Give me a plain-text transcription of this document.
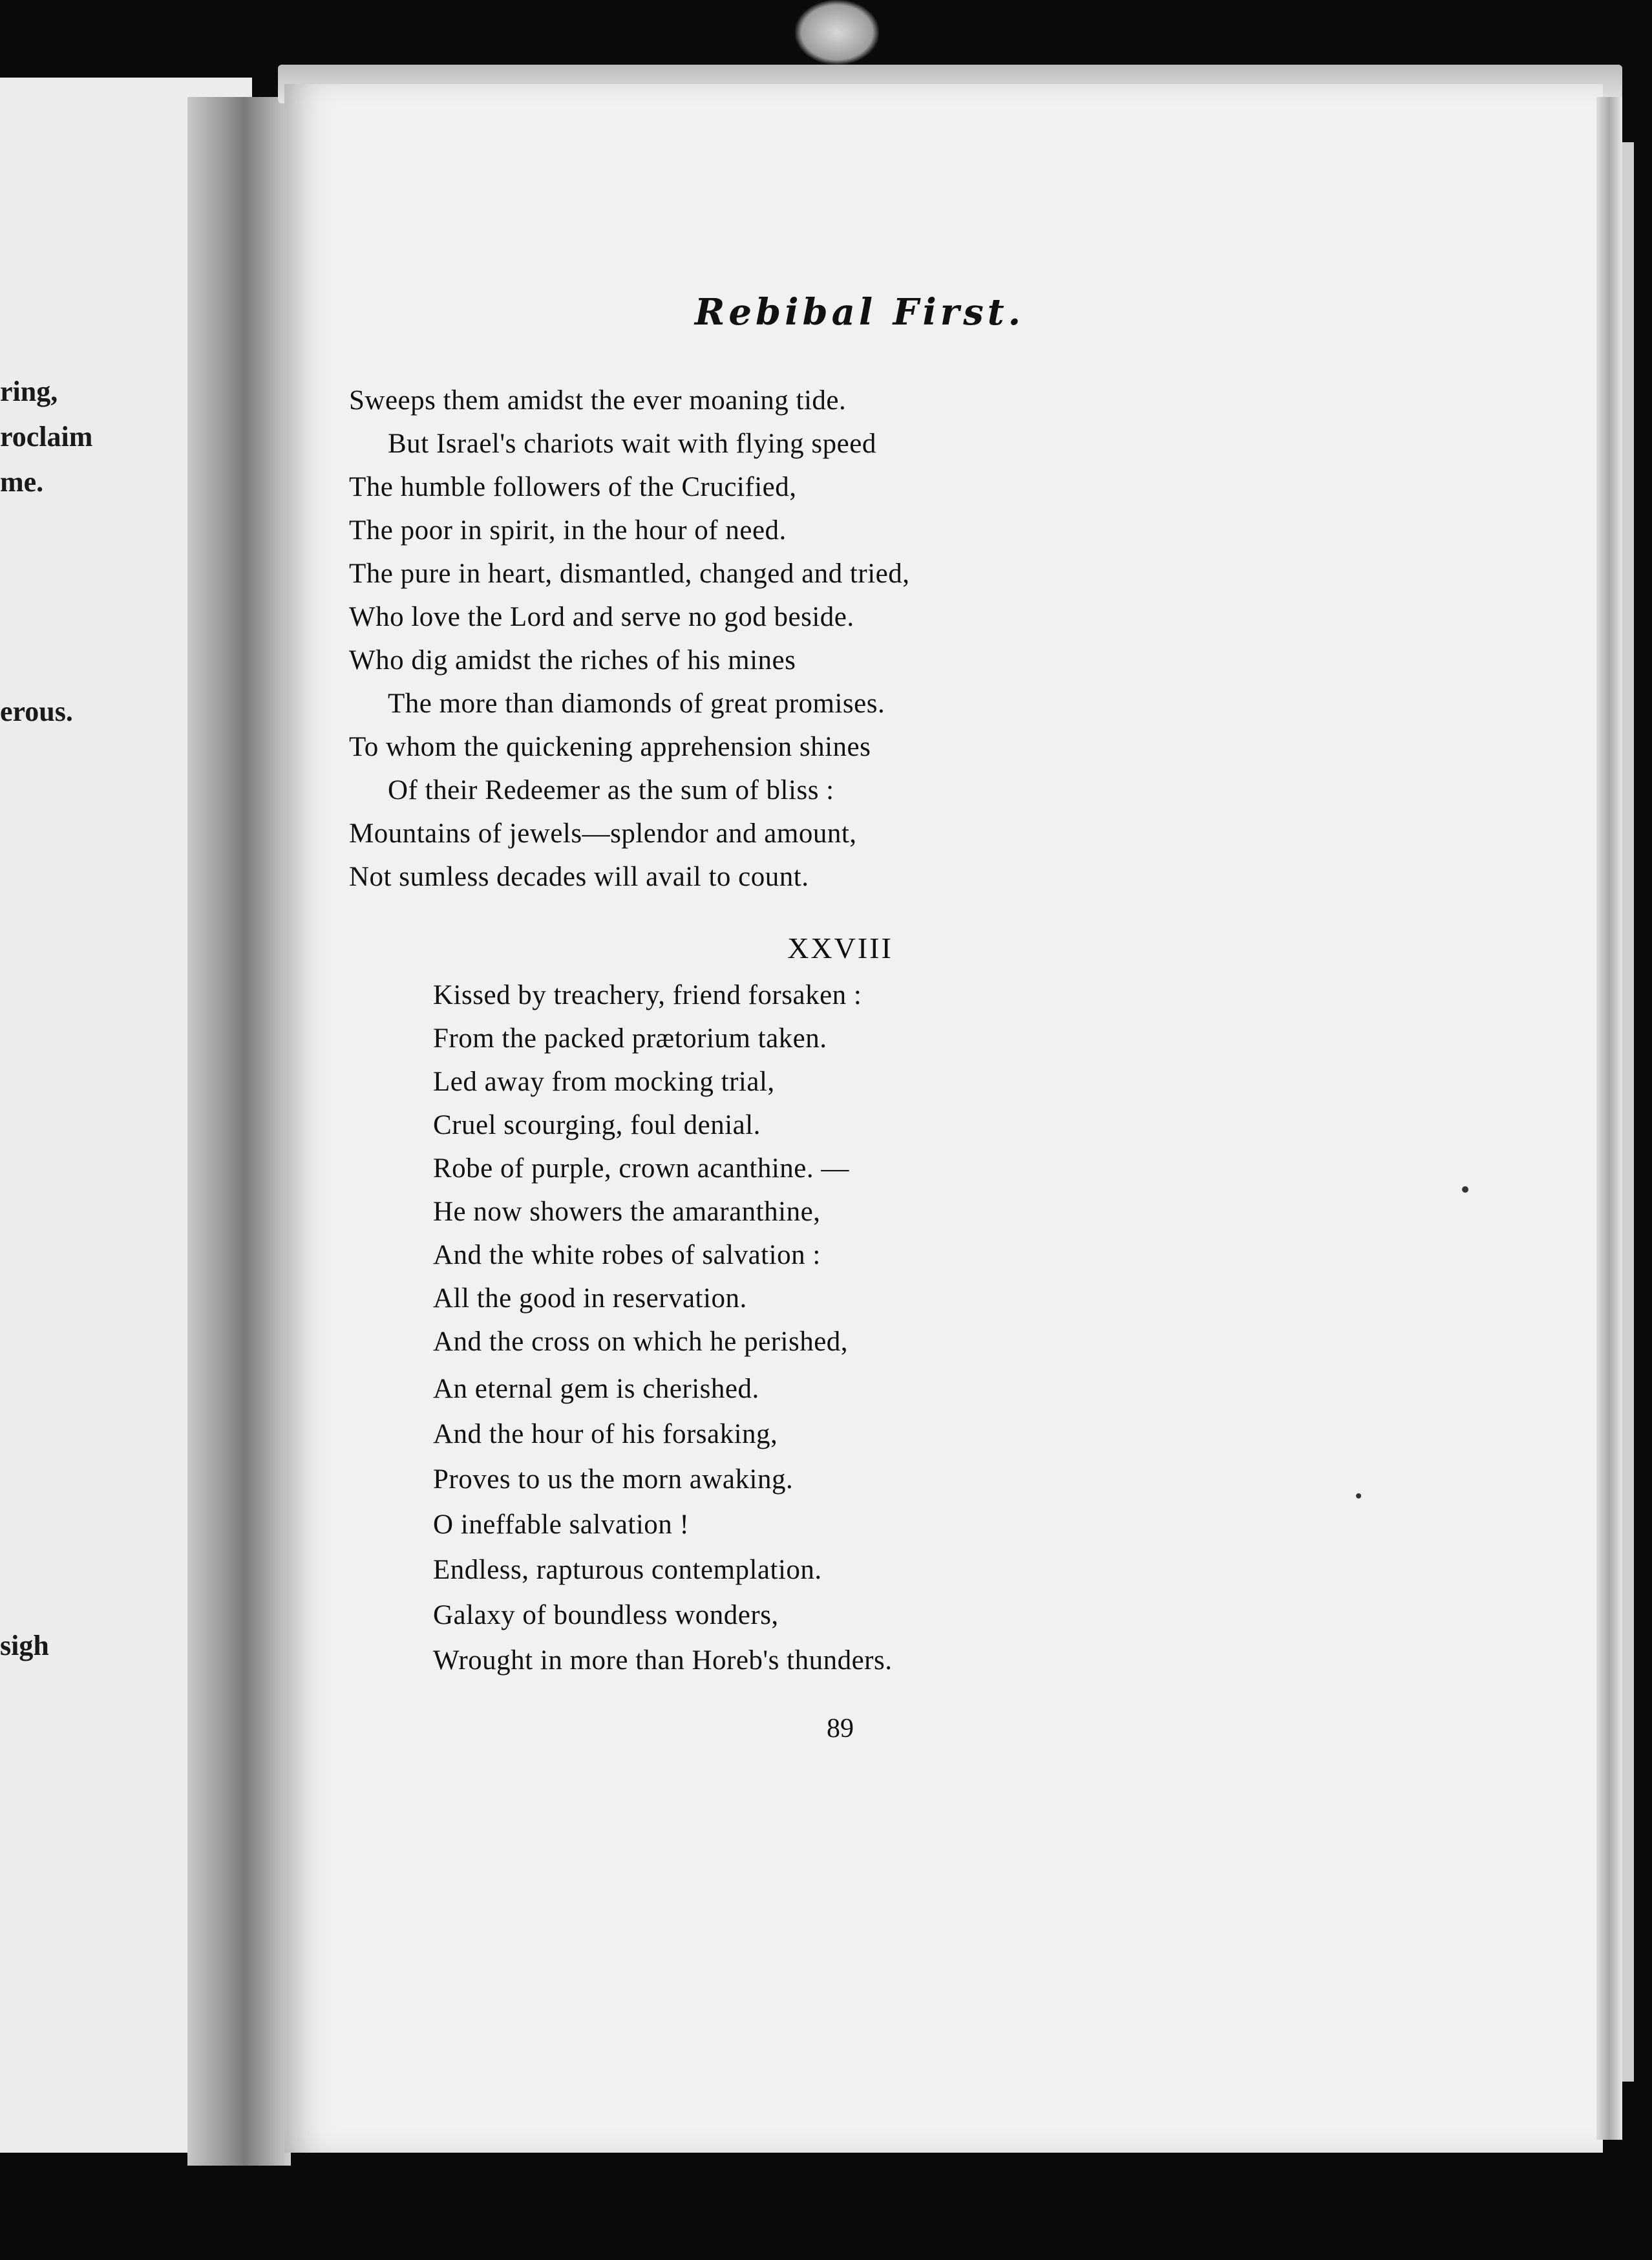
ring,
roclaim
me.
erous.
sigh
Rebibal First.
Sweeps them amidst the ever moaning tide.
But Israel's chariots wait with flying speed
The humble followers of the Crucified,
The poor in spirit, in the hour of need.
The pure in heart, dismantled, changed and tried,
Who love the Lord and serve no god beside.
Who dig amidst the riches of his mines
The more than diamonds of great promises.
To whom the quickening apprehension shines
Of their Redeemer as the sum of bliss :
Mountains of jewels—splendor and amount,
Not sumless decades will avail to count.
XXVIII
Kissed by treachery, friend forsaken :
From the packed prætorium taken.
Led away from mocking trial,
Cruel scourging, foul denial.
Robe of purple, crown acanthine. —
He now showers the amaranthine,
And the white robes of salvation :
All the good in reservation.
And the cross on which he perished,
An eternal gem is cherished.
And the hour of his forsaking,
Proves to us the morn awaking.
O ineffable salvation !
Endless, rapturous contemplation.
Galaxy of boundless wonders,
Wrought in more than Horeb's thunders.
89
